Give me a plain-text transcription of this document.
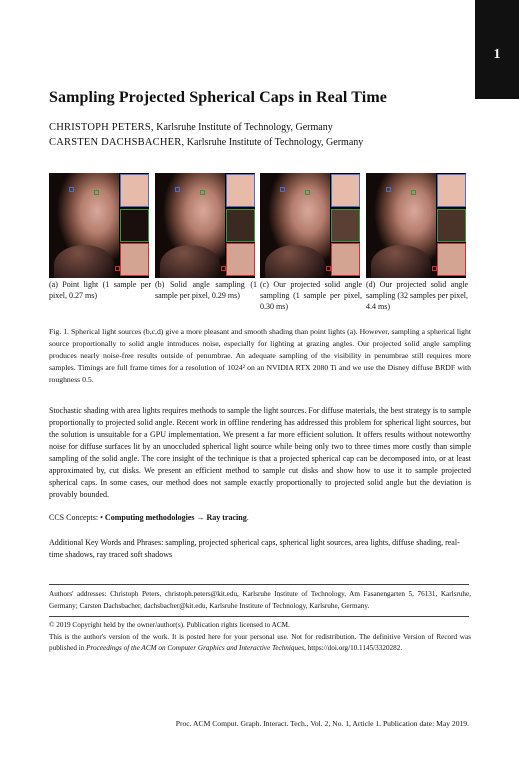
1
Sampling Projected Spherical Caps in Real Time
CHRISTOPH PETERS, Karlsruhe Institute of Technology, Germany
CARSTEN DACHSBACHER, Karlsruhe Institute of Technology, Germany
(a) Point light (1 sample per pixel, 0.27 ms)
(b) Solid angle sampling (1 sample per pixel, 0.29 ms)
(c) Our projected solid angle sampling (1 sample per pixel, 0.30 ms)
(d) Our projected solid angle sampling (32 samples per pixel, 4.4 ms)
Fig. 1. Spherical light sources (b,c,d) give a more pleasant and smooth shading than point lights (a). However, sampling a spherical light source proportionally to solid angle introduces noise, especially for lighting at grazing angles. Our projected solid angle sampling produces nearly noise-free results outside of penumbrae. An adequate sampling of the visibility in penumbrae still requires more samples. Timings are full frame times for a resolution of 1024² on an NVIDIA RTX 2080 Ti and we use the Disney diffuse BRDF with roughness 0.5.
Stochastic shading with area lights requires methods to sample the light sources. For diffuse materials, the best strategy is to sample proportionally to projected solid angle. Recent work in offline rendering has addressed this problem for spherical light sources, but the solution is unsuitable for a GPU implementation. We present a far more efficient solution. It offers results without noteworthy noise for diffuse surfaces lit by an unoccluded spherical light source while being only two to three times more costly than simple sampling of the solid angle. The core insight of the technique is that a projected spherical cap can be decomposed into, or at least approximated by, cut disks. We present an efficient method to sample cut disks and show how to use it to sample projected spherical caps. In some cases, our method does not sample exactly proportionally to projected solid angle but the deviation is provably bounded.
CCS Concepts: • Computing methodologies → Ray tracing.
Additional Key Words and Phrases: sampling, projected spherical caps, spherical light sources, area lights, diffuse shading, real-time shadows, ray traced soft shadows
Authors' addresses: Christoph Peters, christoph.peters@kit.edu, Karlsruhe Institute of Technology, Am Fasanengarten 5, 76131, Karlsruhe, Germany; Carsten Dachsbacher, dachsbacher@kit.edu, Karlsruhe Institute of Technology, Karlsruhe, Germany.
© 2019 Copyright held by the owner/author(s). Publication rights licensed to ACM.
This is the author's version of the work. It is posted here for your personal use. Not for redistribution. The definitive Version of Record was published in Proceedings of the ACM on Computer Graphics and Interactive Techniques, https://doi.org/10.1145/3320282.
Proc. ACM Comput. Graph. Interact. Tech., Vol. 2, No. 1, Article 1. Publication date: May 2019.
